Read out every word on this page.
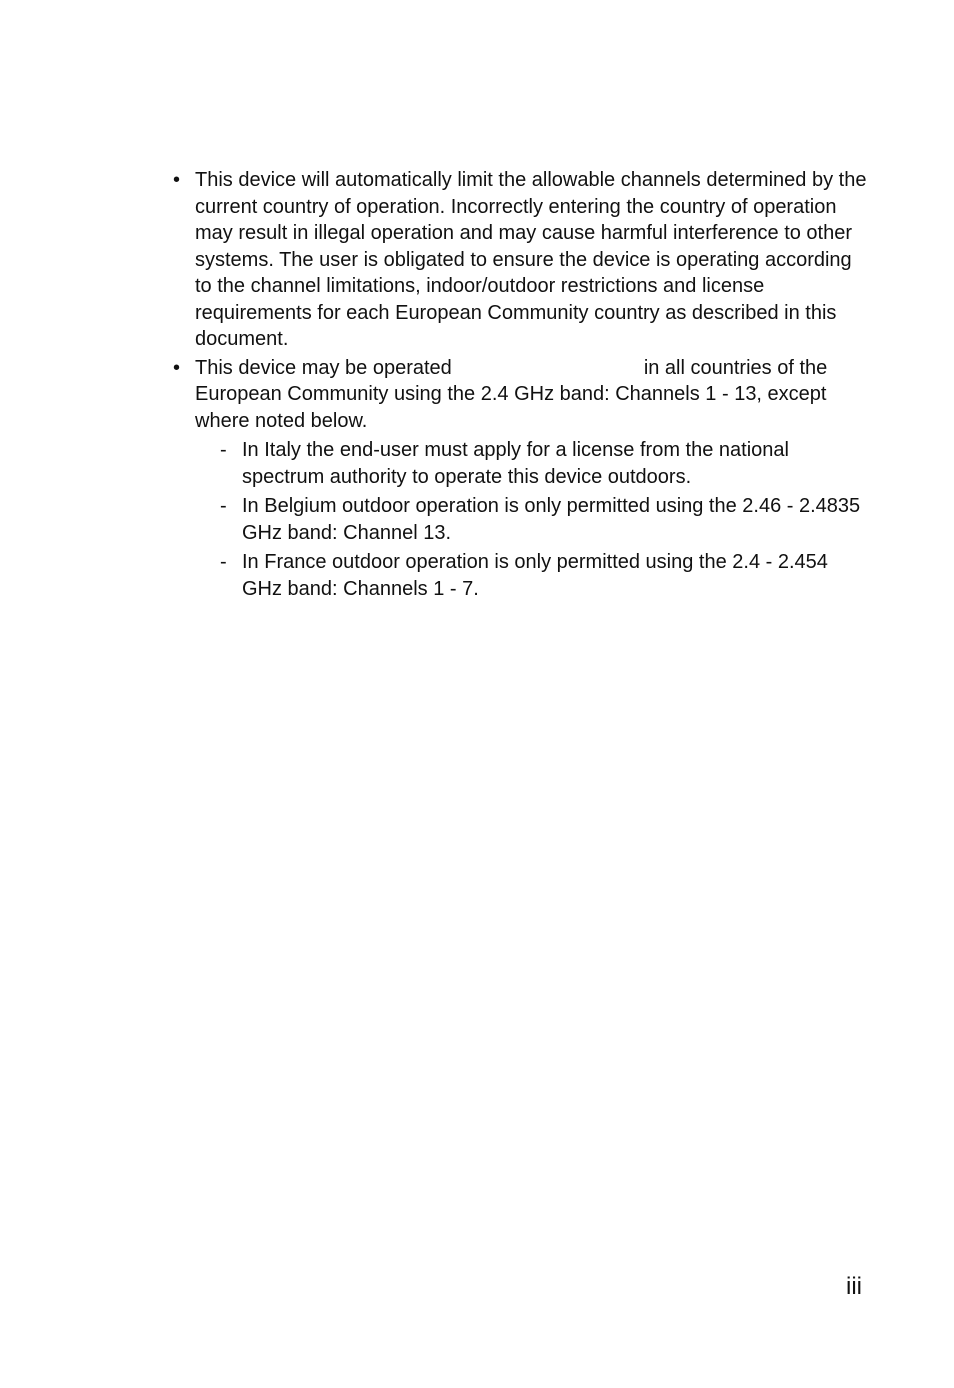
• This device will automatically limit the allowable channels determined by the current country of operation. Incorrectly entering the country of operation may result in illegal operation and may cause harmful interference to other systems. The user is obligated to ensure the device is operating according to the channel limitations, indoor/outdoor restrictions and license requirements for each European Community country as described in this document.
• This device may be operated	in all countries of the European Community using the 2.4 GHz band: Channels 1 - 13, except where noted below.
- In Italy the end-user must apply for a license from the national spectrum authority to operate this device outdoors.
- In Belgium outdoor operation is only permitted using the 2.46 - 2.4835 GHz band: Channel 13.
- In France outdoor operation is only permitted using the 2.4 - 2.454 GHz band: Channels 1 - 7.
iii
